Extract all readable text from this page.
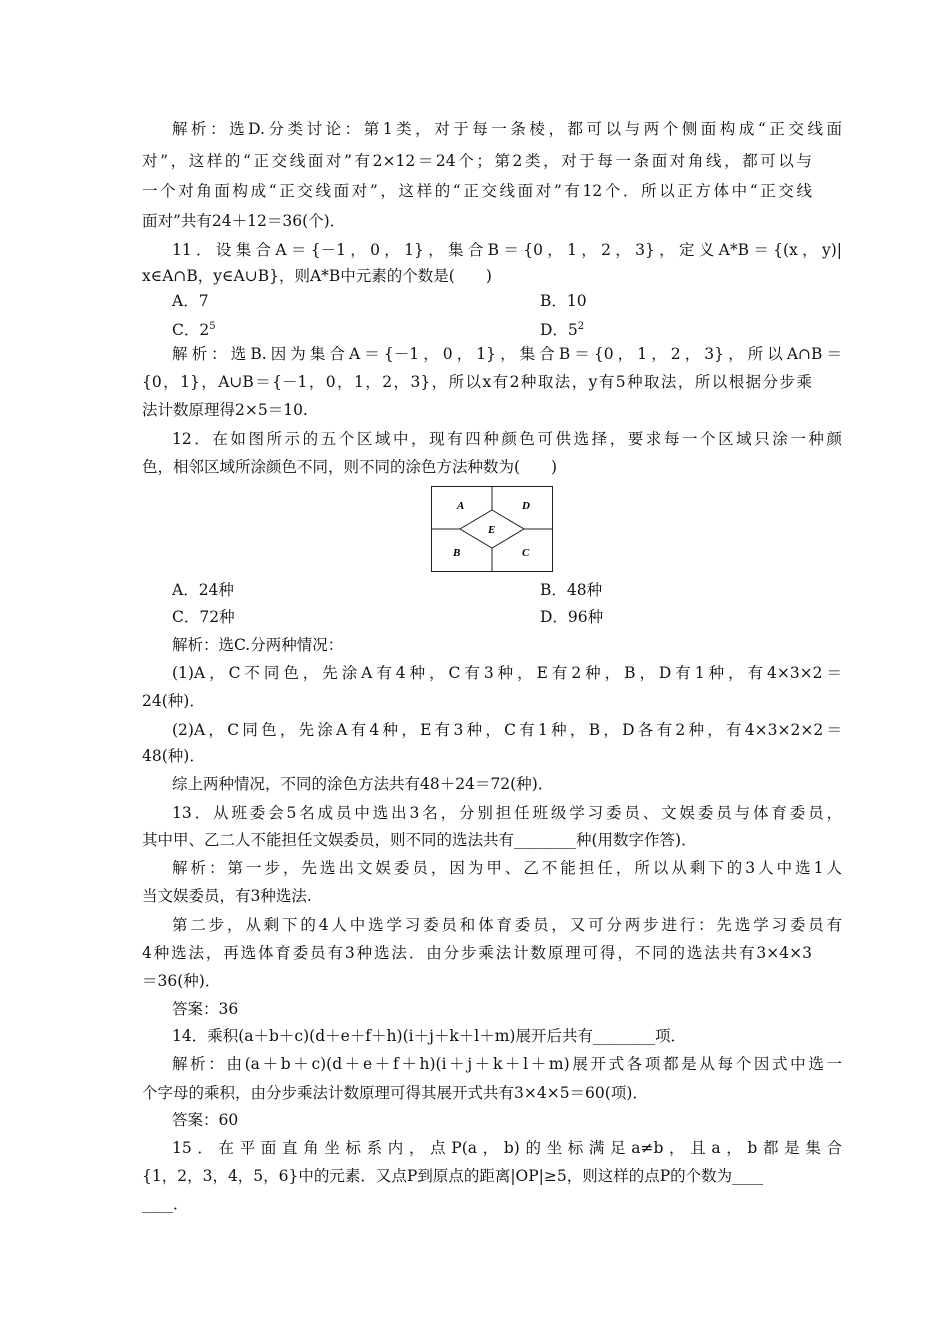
解析：选D.分类讨论：第1类，对于每一条棱，都可以与两个侧面构成“正交线面
对”，这样的“正交线面对”有2×12＝24个；第2类，对于每一条面对角线，都可以与
一个对角面构成“正交线面对”，这样的“正交线面对”有12个．所以正方体中“正交线
面对”共有24＋12＝36(个)．
11．设集合A＝{－1，0，1}，集合B＝{0，1，2，3}，定义A*B＝{(x，y)|
x∈A∩B，y∈A∪B}，则A*B中元素的个数是(　　)
A．7	B．10
C．$2^5$	D．$5^2$
解析：选B.因为集合A＝{－1，0，1}，集合B＝{0，1，2，3}，所以A∩B＝
{0，1}，A∪B＝{－1，0，1，2，3}，所以x有2种取法，y有5种取法，所以根据分步乘
法计数原理得2×5＝10.
12．在如图所示的五个区域中，现有四种颜色可供选择，要求每一个区域只涂一种颜
色，相邻区域所涂颜色不同，则不同的涂色方法种数为(　　)
A	D
E
B	C
A．24种	B．48种
C．72种	D．96种
解析：选C.分两种情况：
(1)A，C不同色，先涂A有4种，C有3种，E有2种，B，D有1种，有4×3×2＝
24(种)．
(2)A，C同色，先涂A有4种，E有3种，C有1种，B，D各有2种，有4×3×2×2＝
48(种)．
综上两种情况，不同的涂色方法共有48＋24＝72(种)．
13．从班委会5名成员中选出3名，分别担任班级学习委员、文娱委员与体育委员，
其中甲、乙二人不能担任文娱委员，则不同的选法共有________种(用数字作答)．
解析：第一步，先选出文娱委员，因为甲、乙不能担任，所以从剩下的3人中选1人
当文娱委员，有3种选法.
第二步，从剩下的4人中选学习委员和体育委员，又可分两步进行：先选学习委员有
4种选法，再选体育委员有3种选法．由分步乘法计数原理可得，不同的选法共有3×4×3
＝36(种)．
答案：36
14．乘积(a＋b＋c)(d＋e＋f＋h)(i＋j＋k＋l＋m)展开后共有________项．
解析：由(a＋b＋c)(d＋e＋f＋h)(i＋j＋k＋l＋m)展开式各项都是从每个因式中选一
个字母的乘积，由分步乘法计数原理可得其展开式共有3×4×5＝60(项)．
答案：60
15．在平面直角坐标系内，点P(a，b)的坐标满足a≠b，且a，b都是集合
{1，2，3，4，5，6}中的元素．又点P到原点的距离|OP|≥5，则这样的点P的个数为____
____．
